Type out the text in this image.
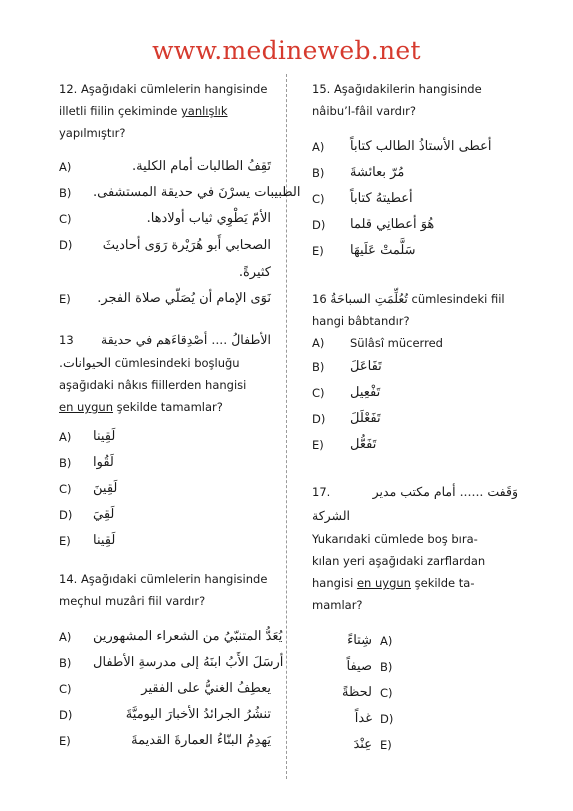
www.medineweb.net

12. Aşağıdaki cümlelerin hangisinde

illetli fiilin çekiminde yanlışlık

yapılmıştır?

A)	تَقِفُ الطالبات أمام الكلية.
B)	الطبيبات يسرْنَ في حديقة المستشفى.
C)	الأمّ يَطْوِي ثياب أولادها.
D)	الصحابي أَبو هُرَيْرة رَوَى أحاديثَ كثيرةً.
E)	نَوَى الإمام أن يُصَلّي صلاة الفجر.
13	الأطفالُ .... أصْدِقاءَهم في حديقة

الحيوانات. cümlesindeki boşluğu

aşağıdaki nâkıs fiillerden hangisi

en uygun şekilde tamamlar?

A)	لَقِينا
B)	لَقُوا
C)	لَقِينَ
D)	لَقِيَ
E)	لَقِينا

14. Aşağıdaki cümlelerin hangisinde

meçhul muzâri fiil vardır?

A)	يُعَدُّ المتنبّيُ من الشعراء المشهورين
B)	أرسَلَ الأَبُ ابنَهُ إلى مدرسةِ الأطفال
C)	يعطِفُ الغنيُّ على الفقير
D)	تنشُرُ الجرائدُ الأخبارَ اليوميَّةَ
E)	يَهدِمُ البنّاءُ العمارةَ القديمةَ

15. Aşağıdakilerin hangisinde

nâibu’l-fâil vardır?

A)	أعطى الأستاذُ الطالب كتاباً
B)	مُرّ بعائشةَ
C)	أعطيتهُ كتاباً
D)	هُوَ أعطانِي قلما
E)	سَلَّمتْ عَلَيهَا

16 تُعُلِّمَتِ السباحَةُ cümlesindeki fiil

hangi bâbtandır?

A)	Sülâsî mücerred
B)	تَفَاعَلَ
C)	تَفْعِيل
D)	تَفَعْلَلَ
E)	تَفَعُّل
17.	وَقَفت ...... أمام مكتب مدير
الشركة

Yukarıdaki cümlede boş bıra-

kılan yeri aşağıdaki zarflardan

hangisi en uygun şekilde ta-

mamlar?

A)
شِتاءً
B)
صيفاً
C)
لحظةً
D)
غداً
E)
عِنْدَ
